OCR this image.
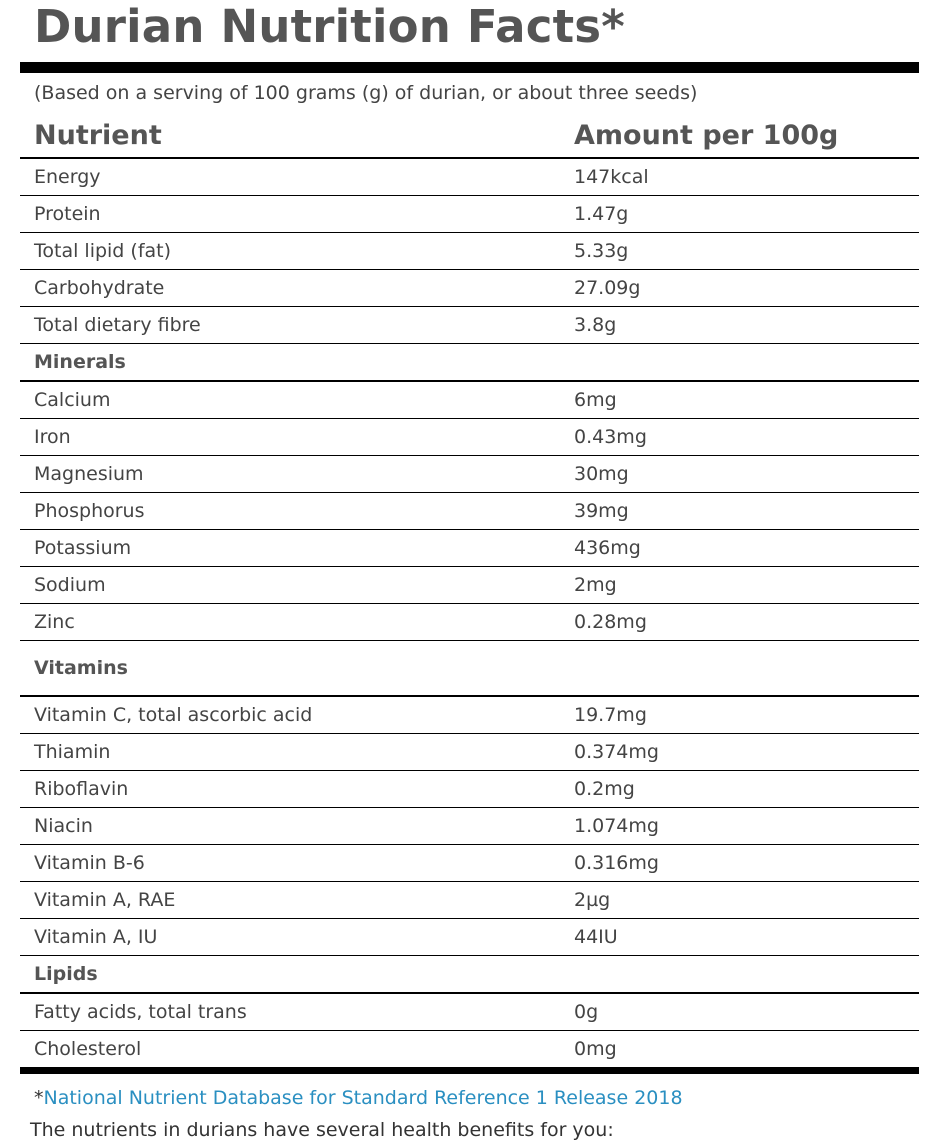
Durian Nutrition Facts*
(Based on a serving of 100 grams (g) of durian, or about three seeds)
Nutrient	Amount per 100g
Energy	147kcal
Protein	1.47g
Total lipid (fat)	5.33g
Carbohydrate	27.09g
Total dietary fibre	3.8g
Minerals
Calcium	6mg
Iron	0.43mg
Magnesium	30mg
Phosphorus	39mg
Potassium	436mg
Sodium	2mg
Zinc	0.28mg
Vitamins
Vitamin C, total ascorbic acid	19.7mg
Thiamin	0.374mg
Riboflavin	0.2mg
Niacin	1.074mg
Vitamin B-6	0.316mg
Vitamin A, RAE	2µg
Vitamin A, IU	44IU
Lipids
Fatty acids, total trans	0g
Cholesterol	0mg
*National Nutrient Database for Standard Reference 1 Release 2018
The nutrients in durians have several health benefits for you:
